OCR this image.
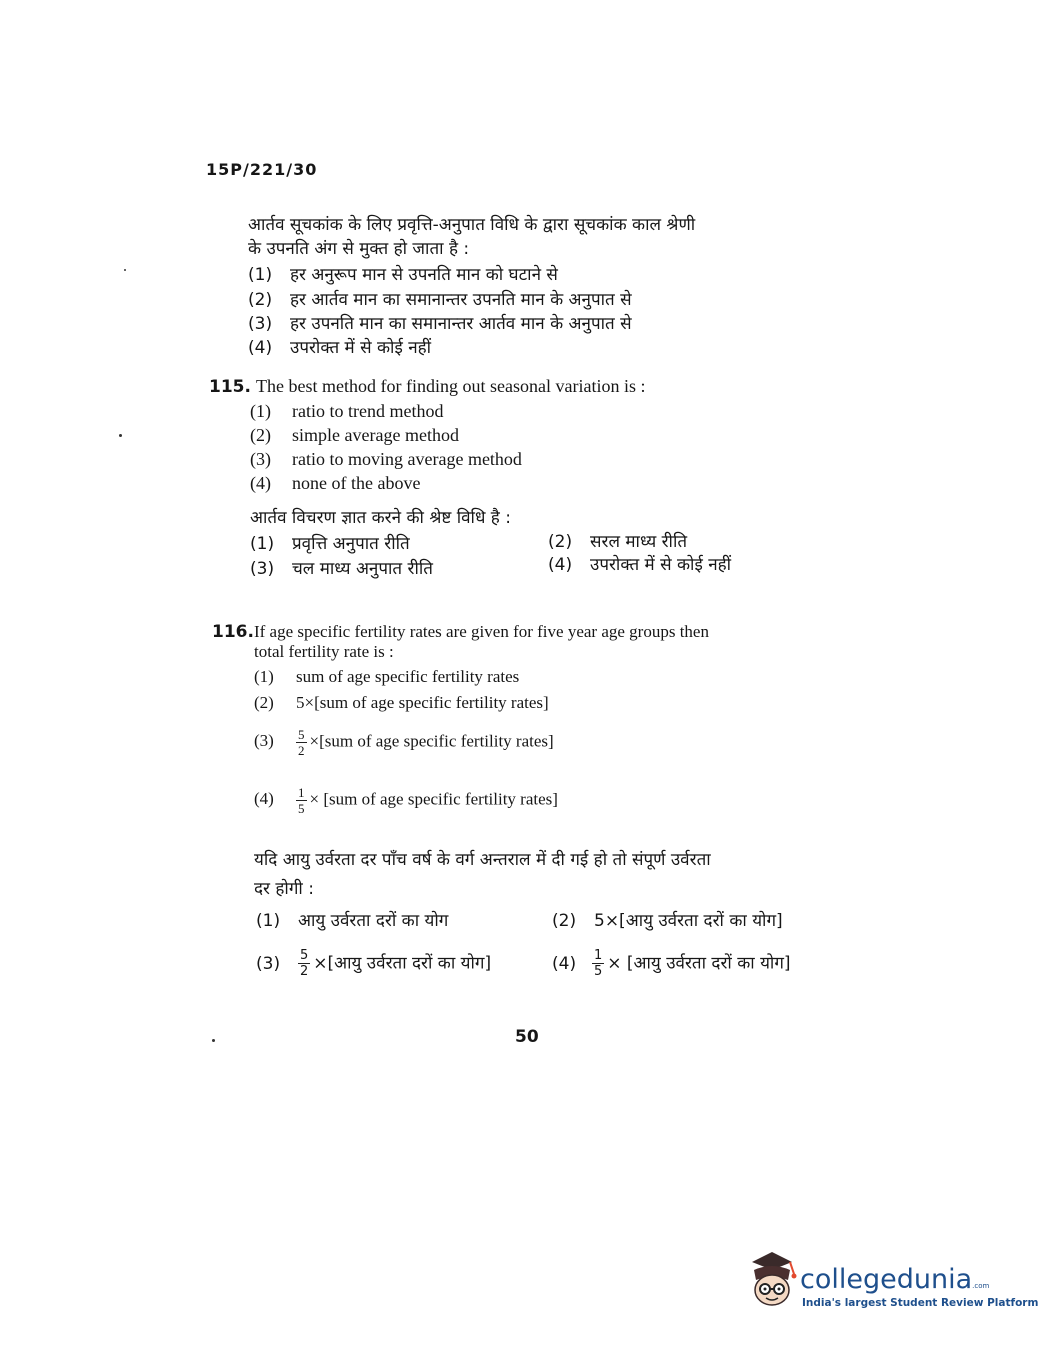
15P/221/30
आर्तव सूचकांक के लिए प्रवृत्ति-अनुपात विधि के द्वारा सूचकांक काल श्रेणी
के उपनति अंग से मुक्त हो जाता है :
(1) हर अनुरूप मान से उपनति मान को घटाने से
(2) हर आर्तव मान का समानान्तर उपनति मान के अनुपात से
(3) हर उपनति मान का समानान्तर आर्तव मान के अनुपात से
(4) उपरोक्त में से कोई नहीं
115. The best method for finding out seasonal variation is :
(1) ratio to trend method
(2) simple average method
(3) ratio to moving average method
(4) none of the above
आर्तव विचरण ज्ञात करने की श्रेष्ट विधि है :
(1) प्रवृत्ति अनुपात रीति	(2) सरल माध्य रीति
(3) चल माध्य अनुपात रीति	(4) उपरोक्त में से कोई नहीं
116.If age specific fertility rates are given for five year age groups then
total fertility rate is :
(1) sum of age specific fertility rates
(2) 5×[sum of age specific fertility rates]
$(3) \frac{5}{2} \times[sum$ of age specific fertility rates]
$(4) \frac{1}{5} \times [sum$ of age specific fertility rates]
यदि आयु उर्वरता दर पाँच वर्ष के वर्ग अन्तराल में दी गई हो तो संपूर्ण उर्वरता
दर होगी :
(1) आयु उर्वरता दरों का योग	(2) 5×[आयु उर्वरता दरों का योग]
$(3) \frac{5}{2}$ ×[आयु उर्वरता दरों का योग]	$(4) \frac{1}{5}$ × [आयु उर्वरता दरों का योग]
50
collegedunia.com
India's largest Student Review Platform
